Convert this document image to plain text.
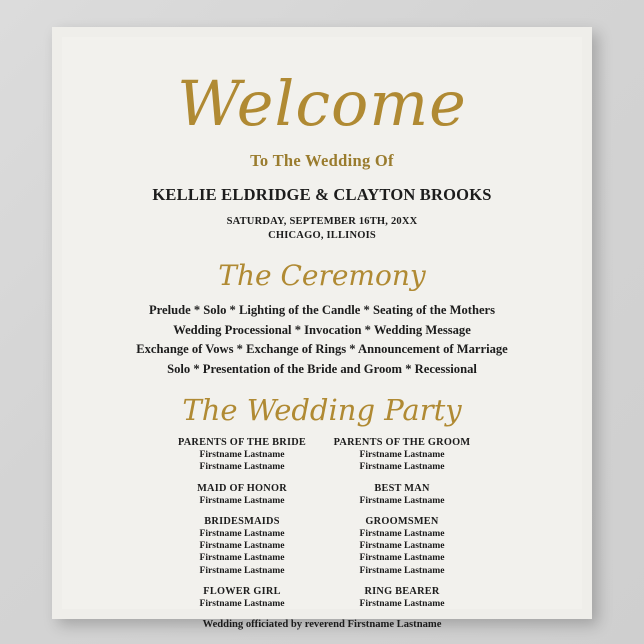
Welcome
To The Wedding Of
KELLIE ELDRIDGE & CLAYTON BROOKS
SATURDAY, SEPTEMBER 16TH, 20XX
CHICAGO, ILLINOIS
The Ceremony
Prelude * Solo * Lighting of the Candle * Seating of the Mothers
Wedding Processional * Invocation * Wedding Message
Exchange of Vows * Exchange of Rings * Announcement of Marriage
Solo * Presentation of the Bride and Groom * Recessional
The Wedding Party
PARENTS OF THE BRIDE
Firstname Lastname
Firstname Lastname
PARENTS OF THE GROOM
Firstname Lastname
Firstname Lastname
MAID OF HONOR
Firstname Lastname
BEST MAN
Firstname Lastname
BRIDESMAIDS
Firstname Lastname
Firstname Lastname
Firstname Lastname
Firstname Lastname
GROOMSMEN
Firstname Lastname
Firstname Lastname
Firstname Lastname
Firstname Lastname
FLOWER GIRL
Firstname Lastname
RING BEARER
Firstname Lastname
Wedding officiated by reverend Firstname Lastname
